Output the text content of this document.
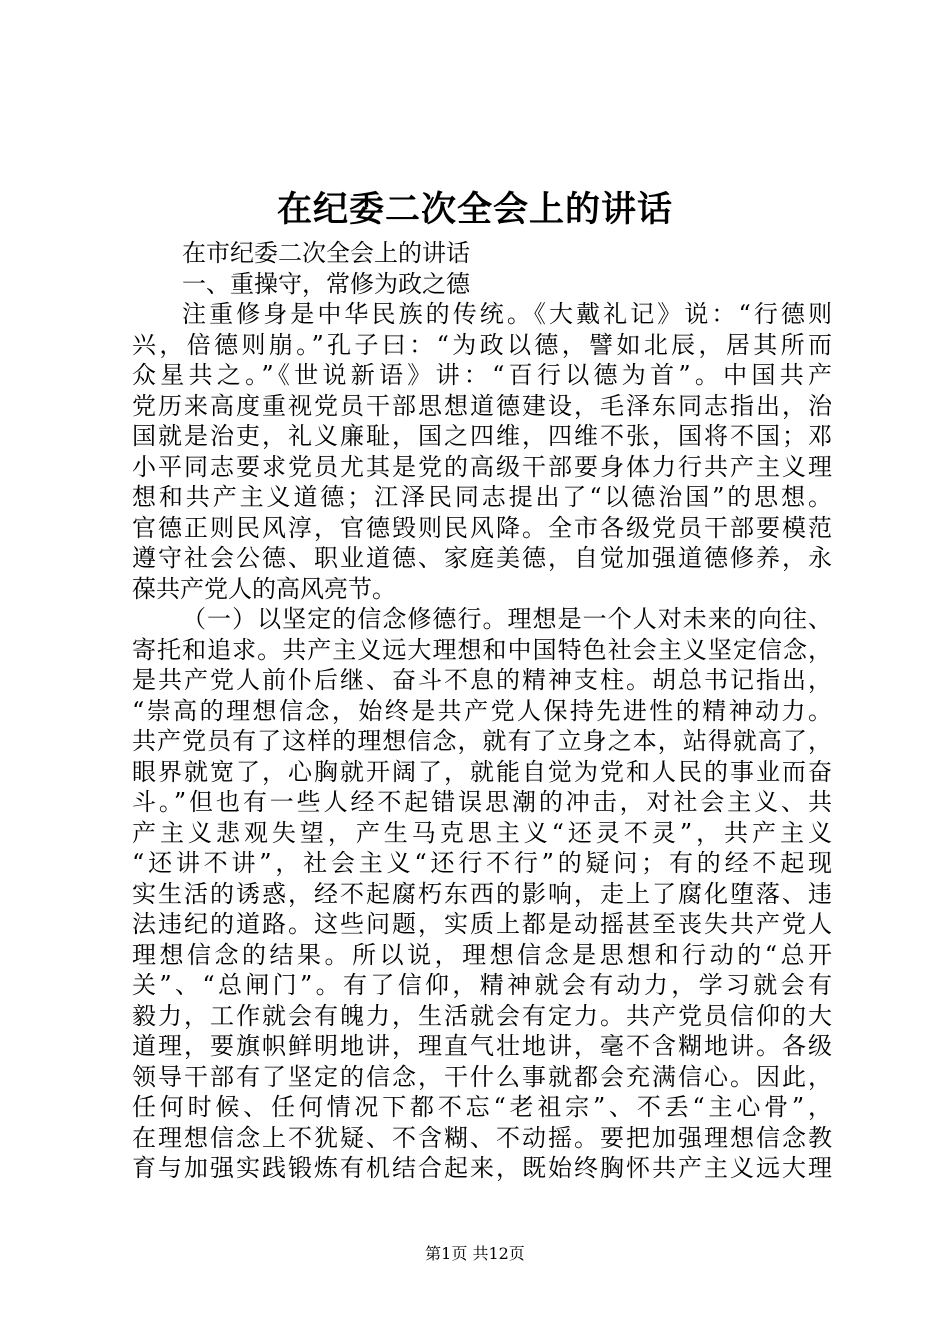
在纪委二次全会上的讲话
在市纪委二次全会上的讲话
一、重操守，常修为政之德
注重修身是中华民族的传统。《大戴礼记》说：“行德则
兴，倍德则崩。”孔子曰：“为政以德，譬如北辰，居其所而
众星共之。”《世说新语》讲：“百行以德为首”。中国共产
党历来高度重视党员干部思想道德建设，毛泽东同志指出，治
国就是治吏，礼义廉耻，国之四维，四维不张，国将不国；邓
小平同志要求党员尤其是党的高级干部要身体力行共产主义理
想和共产主义道德；江泽民同志提出了“以德治国”的思想。
官德正则民风淳，官德毁则民风降。全市各级党员干部要模范
遵守社会公德、职业道德、家庭美德，自觉加强道德修养，永
葆共产党人的高风亮节。
（一）以坚定的信念修德行。理想是一个人对未来的向往、
寄托和追求。共产主义远大理想和中国特色社会主义坚定信念，
是共产党人前仆后继、奋斗不息的精神支柱。胡总书记指出，
“崇高的理想信念，始终是共产党人保持先进性的精神动力。
共产党员有了这样的理想信念，就有了立身之本，站得就高了，
眼界就宽了，心胸就开阔了，就能自觉为党和人民的事业而奋
斗。”但也有一些人经不起错误思潮的冲击，对社会主义、共
产主义悲观失望，产生马克思主义“还灵不灵”，共产主义
“还讲不讲”，社会主义“还行不行”的疑问；有的经不起现
实生活的诱惑，经不起腐朽东西的影响，走上了腐化堕落、违
法违纪的道路。这些问题，实质上都是动摇甚至丧失共产党人
理想信念的结果。所以说，理想信念是思想和行动的“总开
关”、“总闸门”。有了信仰，精神就会有动力，学习就会有
毅力，工作就会有魄力，生活就会有定力。共产党员信仰的大
道理，要旗帜鲜明地讲，理直气壮地讲，毫不含糊地讲。各级
领导干部有了坚定的信念，干什么事就都会充满信心。因此，
任何时候、任何情况下都不忘“老祖宗”、不丢“主心骨”，
在理想信念上不犹疑、不含糊、不动摇。要把加强理想信念教
育与加强实践锻炼有机结合起来，既始终胸怀共产主义远大理
第1页 共12页
